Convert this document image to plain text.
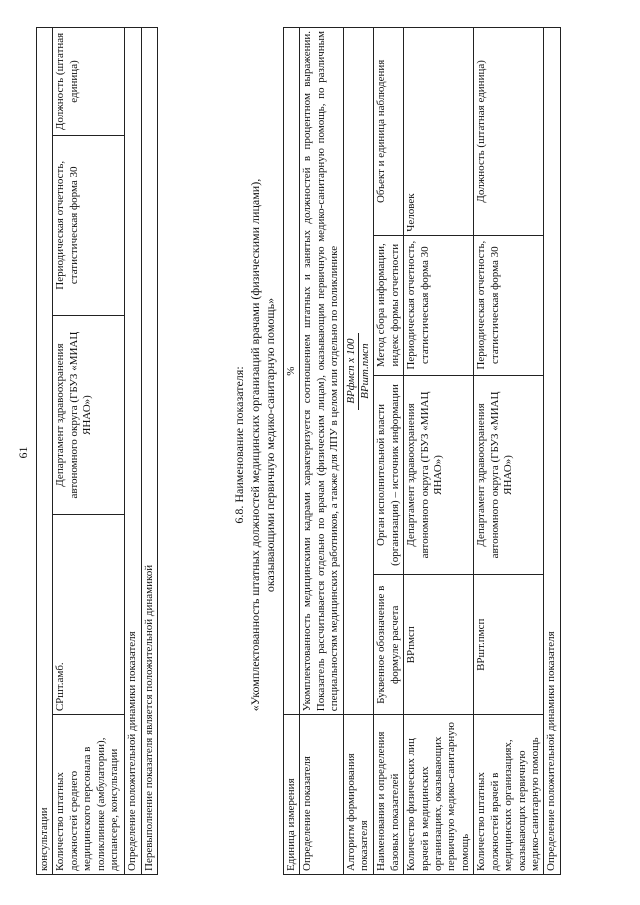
61
консультации
Количество штатных должностей среднего медицинского персонала в поликлинике (амбулатории), диспансере, консультации	СРшт.амб.	Департамент здравоохранения автономного округа (ГБУЗ «МИАЦ ЯНАО»)	Периодическая отчетность, статистическая форма 30	Должность (штатная единица)
Определение положительной динамики показателя
Перевыполнение показателя является положительной динамикой
6.8. Наименование показателя: «Укомплектованность штатных должностей медицинских организаций врачами (физическими лицами), оказывающими первичную медико-санитарную помощь»
Единица измерения	%			
Определение показателя	Укомплектованность медицинскими кадрами характеризуется соотношением штатных и занятых должностей в процентном выражении. Показатель рассчитывается отдельно по врачам (физическим лицам), оказывающим первичную медико-санитарную помощь, по различным специальностям медицинских работников, а также для ЛПУ в целом или отдельно по поликлинике			
Алгоритм формирования показателя	ВРфмсп х 100 ВРшт.пмсп			

Наименования и определения базовых показателей	Буквенное обозначение в формуле расчета	Орган исполнительной власти (организация) – источник информации	Метод сбора информации, индекс формы отчетности	Объект и единица наблюдения
Количество физических лиц врачей в медицинских организациях, оказывающих первичную медико-санитарную помощь	ВРпмсп	Департамент здравоохранения автономного округа (ГБУЗ «МИАЦ ЯНАО»)	Периодическая отчетность, статистическая форма 30	Человек
Количество штатных должностей врачей в медицинских организациях, оказывающих первичную медико-санитарную помощь	ВРшт.пмсп	Департамент здравоохранения автономного округа (ГБУЗ «МИАЦ ЯНАО»)	Периодическая отчетность, статистическая форма 30	Должность (штатная единица)
Определение положительной динамики показателя				
